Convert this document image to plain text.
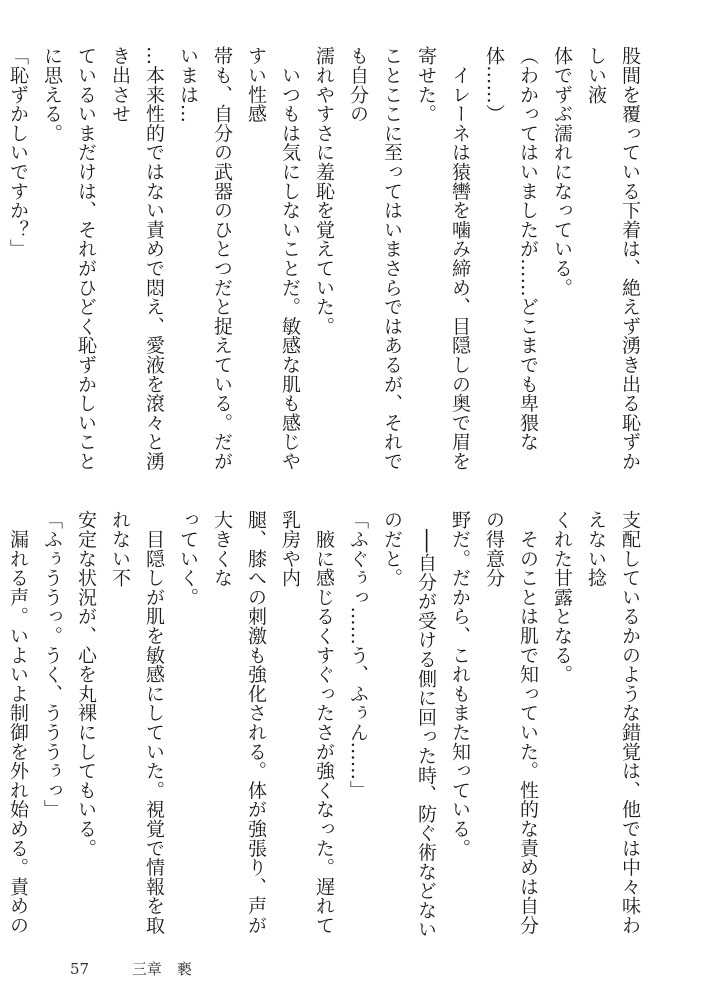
股間を覆っている下着は、絶えず湧き出る恥ずかしい液

体でずぶ濡れになっている。

（わかってはいましたが……どこまでも卑猥な体……）

　イレーネは猿轡を噛み締め、目隠しの奥で眉を寄せた。

ことここに至ってはいまさらではあるが、それでも自分の

濡れやすさに羞恥を覚えていた。

　いつもは気にしないことだ。敏感な肌も感じやすい性感

帯も、自分の武器のひとつだと捉えている。だがいまは…

…本来性的ではない責めで悶え、愛液を滾々と湧き出させ

ているいまだけは、それがひどく恥ずかしいことに思える。

「恥ずかしいですか？」

支配しているかのような錯覚は、他では中々味わえない捻

くれた甘露となる。

　そのことは肌で知っていた。性的な責めは自分の得意分

野だ。だから、これもまた知っている。

　──自分が受ける側に回った時、防ぐ術などないのだと。

「ふぐぅっ……う、ふぅん……」

　腋に感じるくすぐったさが強くなった。遅れて乳房や内

腿、膝への刺激も強化される。体が強張り、声が大きくな

っていく。

　目隠しが肌を敏感にしていた。視覚で情報を取れない不

安定な状況が、心を丸裸にしてもいる。

「ふぅううっ。うく、うううぅっ」

　漏れる声。いよいよ制御を外れ始める。責めの

57	三章　褻
